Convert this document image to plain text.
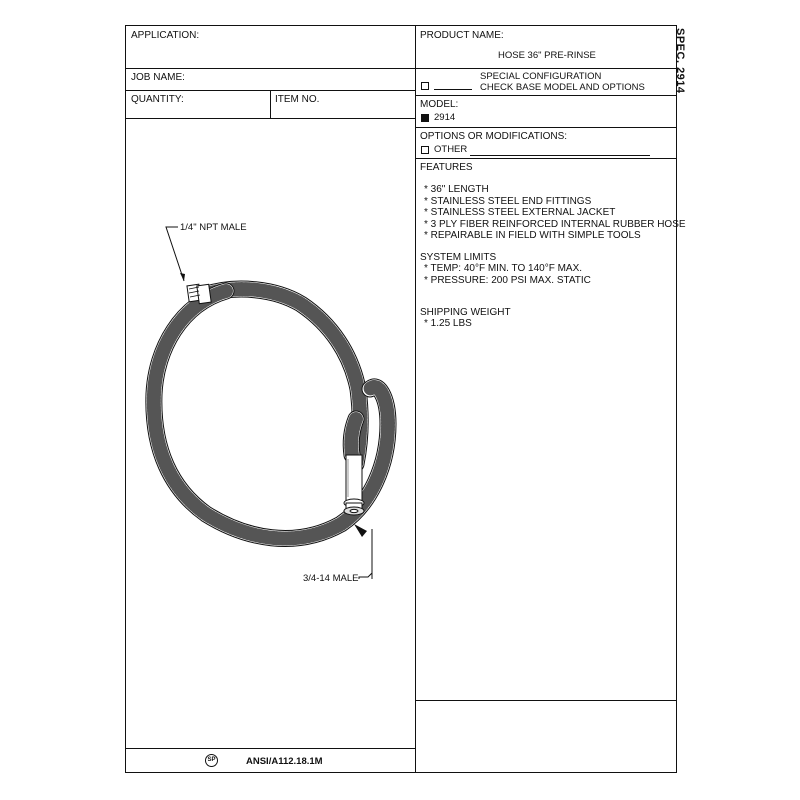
APPLICATION:
JOB NAME:
QUANTITY:	ITEM NO.
PRODUCT NAME:
HOSE 36" PRE-RINSE
SPECIAL CONFIGURATION
CHECK BASE MODEL AND OPTIONS
MODEL:
2914
OPTIONS OR MODIFICATIONS:
OTHER
SPEC. 2914
FEATURES
* 36" LENGTH
* STAINLESS STEEL END FITTINGS
* STAINLESS STEEL EXTERNAL JACKET
* 3 PLY FIBER REINFORCED INTERNAL RUBBER HOSE
* REPAIRABLE IN FIELD WITH SIMPLE TOOLS
SYSTEM LIMITS
* TEMP: 40°F MIN. TO 140°F MAX.
* PRESSURE: 200 PSI MAX. STATIC
SHIPPING WEIGHT
* 1.25 LBS
1/4" NPT MALE
3/4-14 MALE
SP	ANSI/A112.18.1M
